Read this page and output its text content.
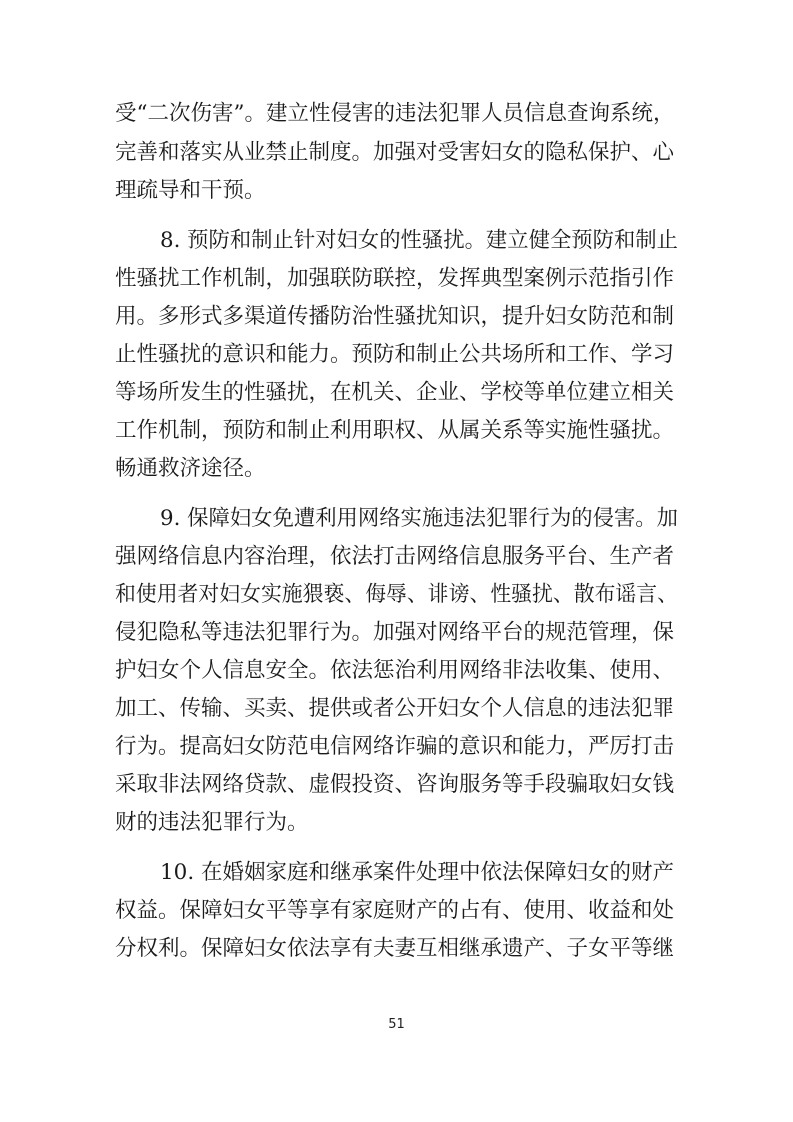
受“二次伤害”。建立性侵害的违法犯罪人员信息查询系统，
完善和落实从业禁止制度。加强对受害妇女的隐私保护、心
理疏导和干预。
8. 预防和制止针对妇女的性骚扰。建立健全预防和制止
性骚扰工作机制，加强联防联控，发挥典型案例示范指引作
用。多形式多渠道传播防治性骚扰知识，提升妇女防范和制
止性骚扰的意识和能力。预防和制止公共场所和工作、学习
等场所发生的性骚扰，在机关、企业、学校等单位建立相关
工作机制，预防和制止利用职权、从属关系等实施性骚扰。
畅通救济途径。
9. 保障妇女免遭利用网络实施违法犯罪行为的侵害。加
强网络信息内容治理，依法打击网络信息服务平台、生产者
和使用者对妇女实施猥亵、侮辱、诽谤、性骚扰、散布谣言、
侵犯隐私等违法犯罪行为。加强对网络平台的规范管理，保
护妇女个人信息安全。依法惩治利用网络非法收集、使用、
加工、传输、买卖、提供或者公开妇女个人信息的违法犯罪
行为。提高妇女防范电信网络诈骗的意识和能力，严厉打击
采取非法网络贷款、虚假投资、咨询服务等手段骗取妇女钱
财的违法犯罪行为。
10. 在婚姻家庭和继承案件处理中依法保障妇女的财产
权益。保障妇女平等享有家庭财产的占有、使用、收益和处
分权利。保障妇女依法享有夫妻互相继承遗产、子女平等继
51
